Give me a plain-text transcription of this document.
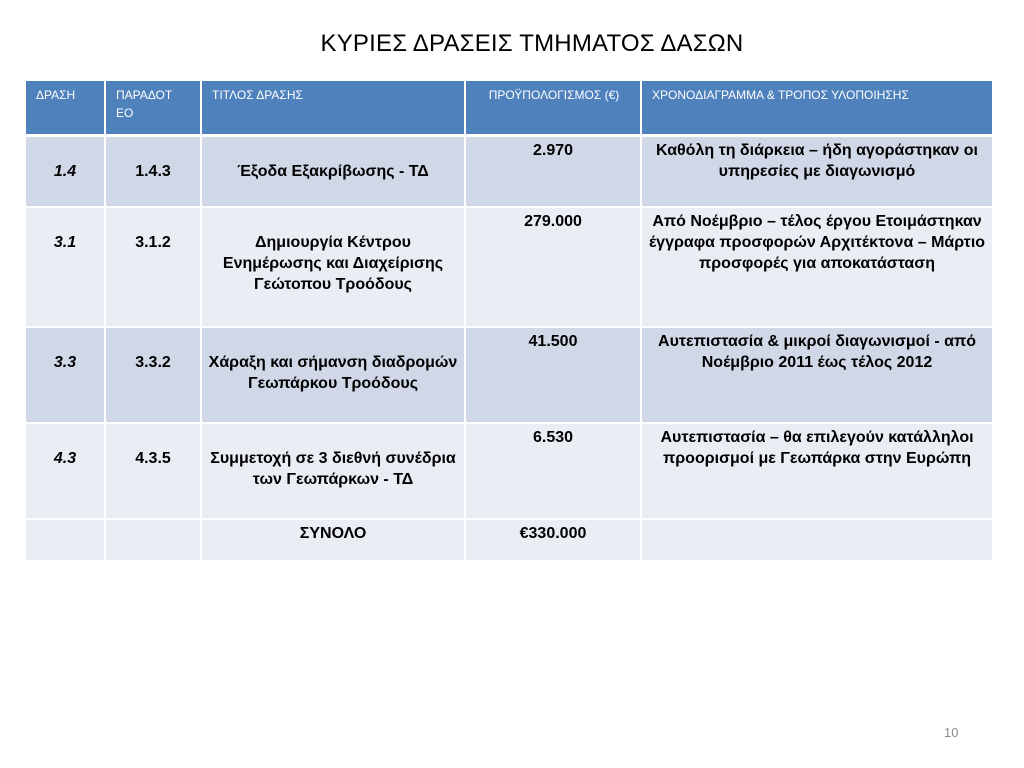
ΚΥΡΙΕΣ ΔΡΑΣΕΙΣ ΤΜΗΜΑΤΟΣ ΔΑΣΩΝ
ΔΡΑΣΗ	ΠΑΡΑΔΟΤ ΕΟ	ΤΙΤΛΟΣ ΔΡΑΣΗΣ	ΠΡΟΫΠΟΛΟΓΙΣΜΟΣ (€)	ΧΡΟΝΟΔΙΑΓΡΑΜΜΑ & ΤΡΟΠΟΣ ΥΛΟΠΟΙΗΣΗΣ
1.4	1.4.3	Έξοδα Εξακρίβωσης - ΤΔ	2.970	Καθόλη τη διάρκεια – ήδη αγοράστηκαν οι υπηρεσίες με διαγωνισμό
3.1	3.1.2	Δημιουργία Κέντρου Ενημέρωσης και Διαχείρισης Γεώτοπου Τροόδους	279.000	Από Νοέμβριο – τέλος έργου Ετοιμάστηκαν έγγραφα προσφορών Αρχιτέκτονα – Μάρτιο προσφορές για αποκατάσταση
3.3	3.3.2	Χάραξη και σήμανση διαδρομών Γεωπάρκου Τροόδους	41.500	Αυτεπιστασία & μικροί διαγωνισμοί - από Νοέμβριο 2011 έως τέλος 2012
4.3	4.3.5	Συμμετοχή σε 3 διεθνή συνέδρια των Γεωπάρκων - ΤΔ	6.530	Αυτεπιστασία – θα επιλεγούν κατάλληλοι προορισμοί με Γεωπάρκα στην Ευρώπη
		ΣΥΝΟΛΟ	€330.000	
10
